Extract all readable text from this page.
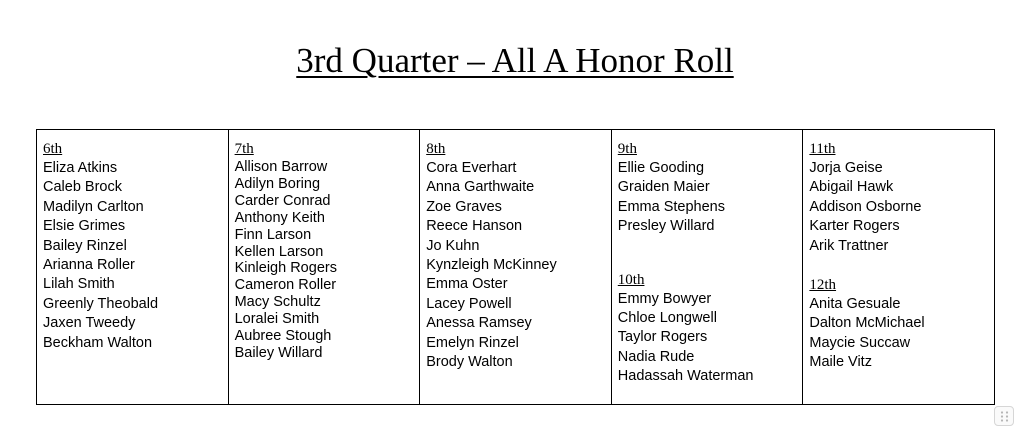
3rd Quarter – All A Honor Roll
6th
Eliza Atkins
Caleb Brock
Madilyn Carlton
Elsie Grimes
Bailey Rinzel
Arianna Roller
Lilah Smith
Greenly Theobald
Jaxen Tweedy
Beckham Walton

7th
Allison Barrow
Adilyn Boring
Carder Conrad
Anthony Keith
Finn Larson
Kellen Larson
Kinleigh Rogers
Cameron Roller
Macy Schultz
Loralei Smith
Aubree Stough
Bailey Willard

8th
Cora Everhart
Anna Garthwaite
Zoe Graves
Reece Hanson
Jo Kuhn
Kynzleigh McKinney
Emma Oster
Lacey Powell
Anessa Ramsey
Emelyn Rinzel
Brody Walton

9th
Ellie Gooding
Graiden Maier
Emma Stephens
Presley Willard
10th
Emmy Bowyer
Chloe Longwell
Taylor Rogers
Nadia Rude
Hadassah Waterman

11th
Jorja Geise
Abigail Hawk
Addison Osborne
Karter Rogers
Arik Trattner
12th
Anita Gesuale
Dalton McMichael
Maycie Succaw
Maile Vitz
